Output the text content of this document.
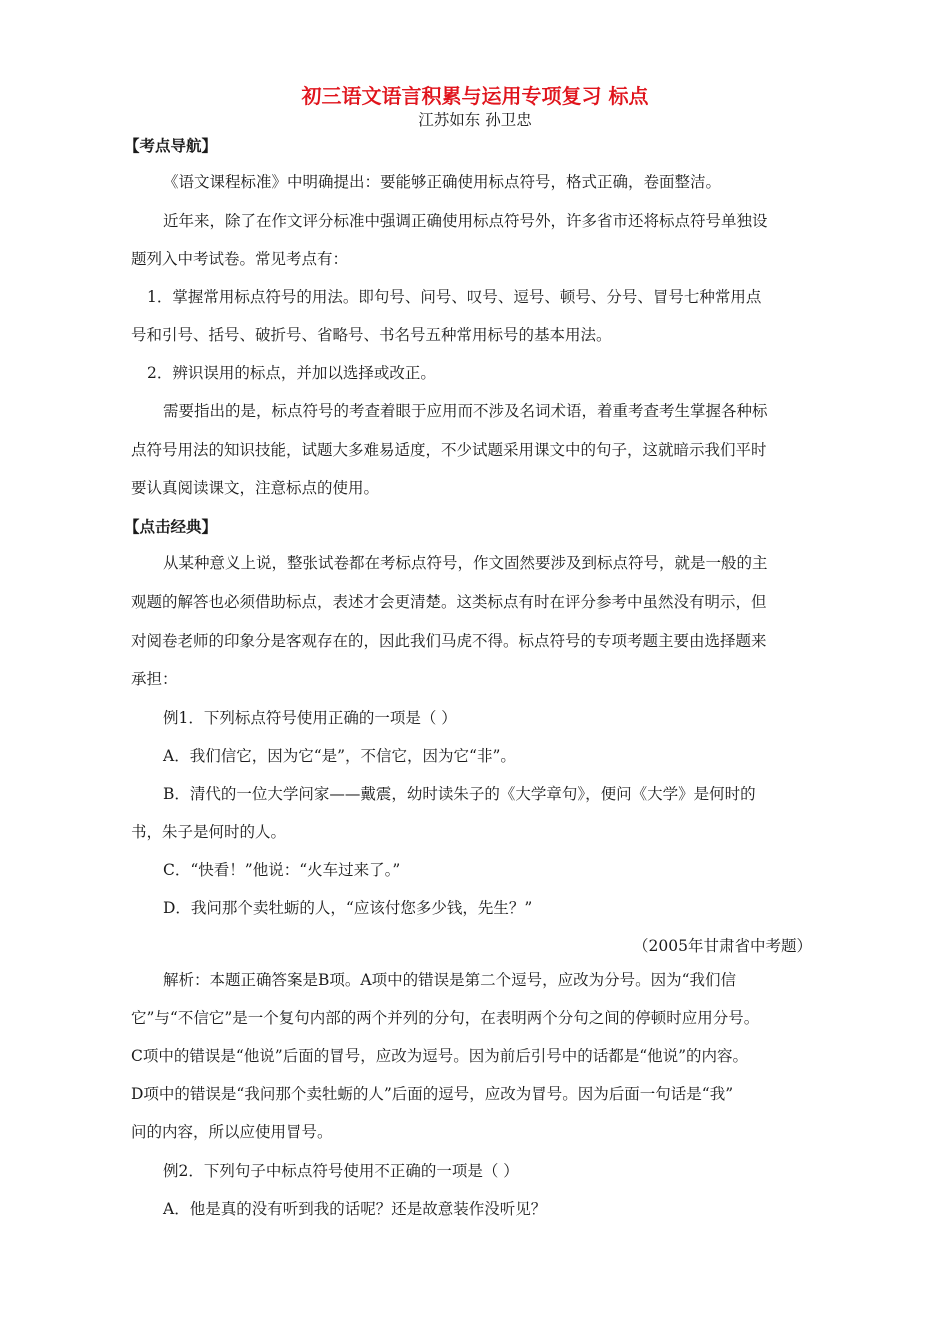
初三语文语言积累与运用专项复习 标点
江苏如东 孙卫忠
【考点导航】
《语文课程标准》中明确提出：要能够正确使用标点符号，格式正确，卷面整洁。
近年来，除了在作文评分标准中强调正确使用标点符号外，许多省市还将标点符号单独设
题列入中考试卷。常见考点有：
1．掌握常用标点符号的用法。即句号、问号、叹号、逗号、顿号、分号、冒号七种常用点
号和引号、括号、破折号、省略号、书名号五种常用标号的基本用法。
2．辨识误用的标点，并加以选择或改正。
需要指出的是，标点符号的考查着眼于应用而不涉及名词术语，着重考查考生掌握各种标
点符号用法的知识技能，试题大多难易适度，不少试题采用课文中的句子，这就暗示我们平时
要认真阅读课文，注意标点的使用。
【点击经典】
从某种意义上说，整张试卷都在考标点符号，作文固然要涉及到标点符号，就是一般的主
观题的解答也必须借助标点，表述才会更清楚。这类标点有时在评分参考中虽然没有明示，但
对阅卷老师的印象分是客观存在的，因此我们马虎不得。标点符号的专项考题主要由选择题来
承担：
例1．下列标点符号使用正确的一项是（ ）
A．我们信它，因为它“是”，不信它，因为它“非”。
B．清代的一位大学问家——戴震，幼时读朱子的《大学章句》，便问《大学》是何时的
书，朱子是何时的人。
C．“快看！”他说：“火车过来了。”
D．我问那个卖牡蛎的人，“应该付您多少钱，先生？”
（2005年甘肃省中考题）
解析：本题正确答案是B项。A项中的错误是第二个逗号，应改为分号。因为“我们信
它”与“不信它”是一个复句内部的两个并列的分句，在表明两个分句之间的停顿时应用分号。
C项中的错误是“他说”后面的冒号，应改为逗号。因为前后引号中的话都是“他说”的内容。
D项中的错误是“我问那个卖牡蛎的人”后面的逗号，应改为冒号。因为后面一句话是“我”
问的内容，所以应使用冒号。
例2．下列句子中标点符号使用不正确的一项是（ ）
A．他是真的没有听到我的话呢？还是故意装作没听见？
